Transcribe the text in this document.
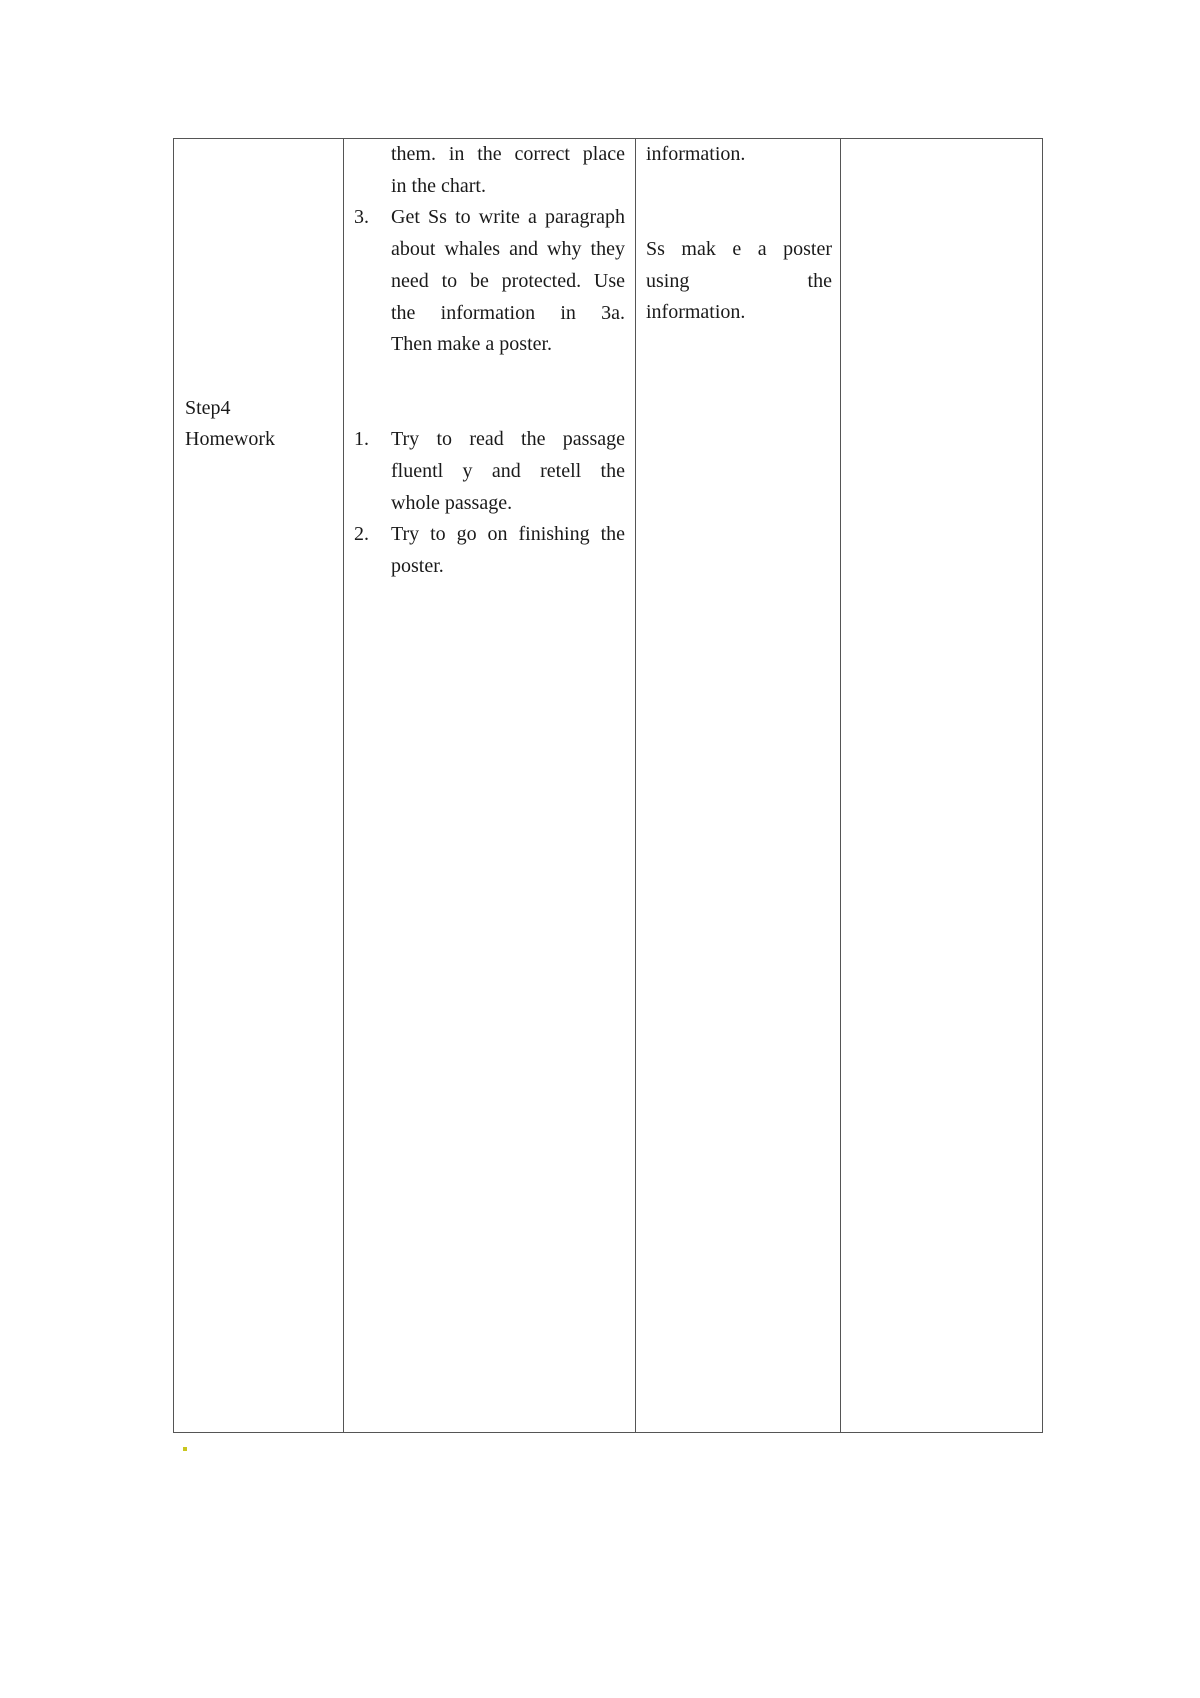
Step4
Homework
them. in the correct place
in the chart.
3. Get Ss to write a paragraph
about whales and why they
need to be protected. Use
the information in 3a.
Then make a poster.
1. Try to read the passage
fluentl y and retell the
whole passage.
2. Try to go on finishing the
poster.
information.
Ss mak e a poster
using the
information.
